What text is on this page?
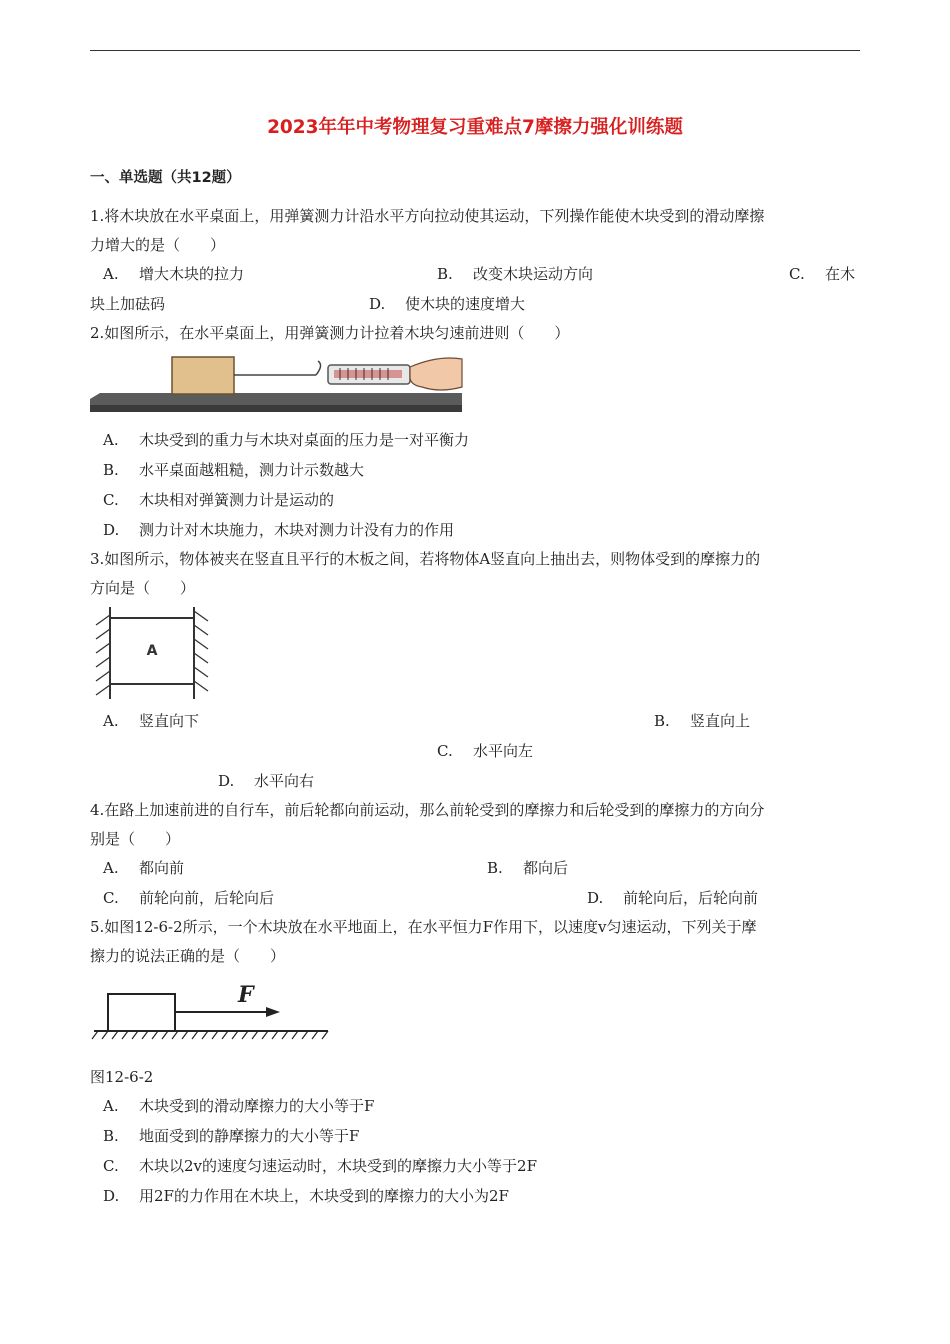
2023年年中考物理复习重难点7摩擦力强化训练题
一、单选题（共12题）
1.将木块放在水平桌面上，用弹簧测力计沿水平方向拉动使其运动，下列操作能使木块受到的滑动摩擦
力增大的是（　　）
A. 增大木块的拉力	B. 改变木块运动方向	C. 在木
块上加砝码	D. 使木块的速度增大
2.如图所示，在水平桌面上，用弹簧测力计拉着木块匀速前进则（　　）
A. 木块受到的重力与木块对桌面的压力是一对平衡力
B. 水平桌面越粗糙，测力计示数越大
C. 木块相对弹簧测力计是运动的
D. 测力计对木块施力，木块对测力计没有力的作用
3.如图所示，物体被夹在竖直且平行的木板之间，若将物体A竖直向上抽出去，则物体受到的摩擦力的
方向是（　　）
A
A. 竖直向下	B. 竖直向上
C. 水平向左
D. 水平向右
4.在路上加速前进的自行车，前后轮都向前运动，那么前轮受到的摩擦力和后轮受到的摩擦力的方向分
别是（　　）
A. 都向前	B. 都向后
C. 前轮向前，后轮向后	D. 前轮向后，后轮向前
5.如图12-6-2所示，一个木块放在水平地面上，在水平恒力F作用下，以速度v匀速运动，下列关于摩
擦力的说法正确的是（　　）
F
图12-6-2
A. 木块受到的滑动摩擦力的大小等于F
B. 地面受到的静摩擦力的大小等于F
C. 木块以2v的速度匀速运动时，木块受到的摩擦力大小等于2F
D. 用2F的力作用在木块上，木块受到的摩擦力的大小为2F
